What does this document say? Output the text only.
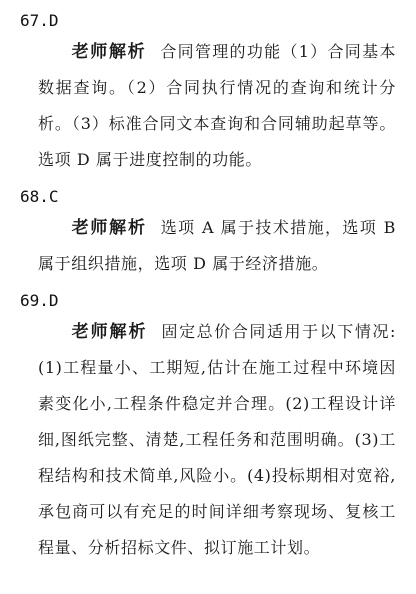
67.D

老师解析 合同管理的功能（1）合同基本数据查询。（2）合同执行情况的查询和统计分析。（3）标准合同文本查询和合同辅助起草等。选项 D 属于进度控制的功能。

68.C

老师解析 选项 A 属于技术措施，选项 B 属于组织措施，选项 D 属于经济措施。

69.D

老师解析 固定总价合同适用于以下情况:(1)工程量小、工期短,估计在施工过程中环境因素变化小,工程条件稳定并合理。(2)工程设计详细,图纸完整、清楚,工程任务和范围明确。(3)工程结构和技术简单,风险小。(4)投标期相对宽裕,承包商可以有充足的时间详细考察现场、复核工程量、分析招标文件、拟订施工计划。
